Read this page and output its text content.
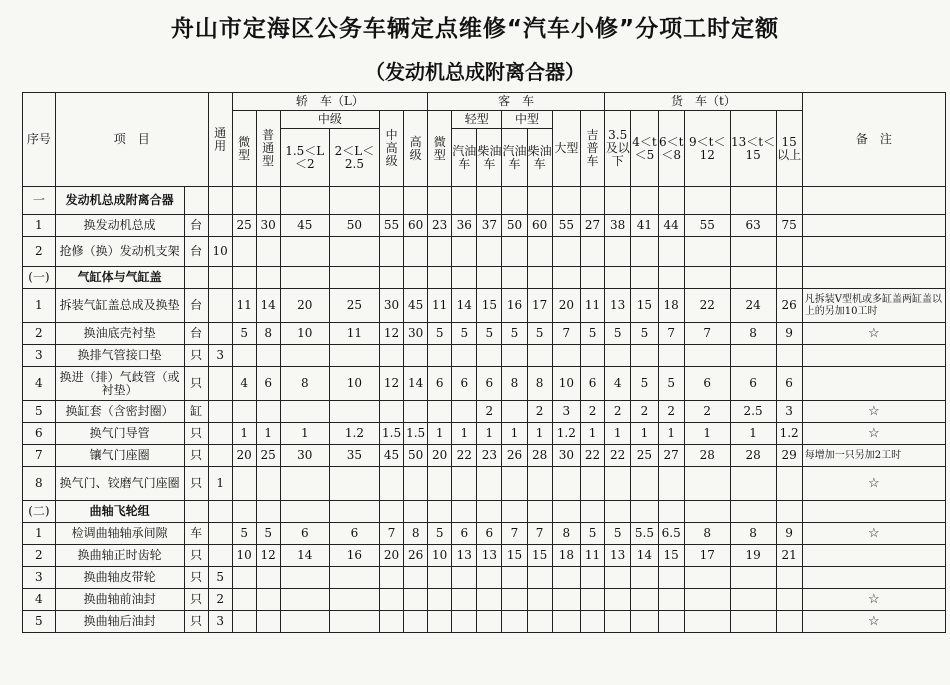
舟山市定海区公务车辆定点维修“汽车小修”分项工时定额
（发动机总成附离合器）
序号	项　目		通用	轿　车（L）						客　车							货　车（t）						备　注
				微型	普通型	中级		中高级	高级	微型	轻型		中型		大型	吉普车	3.5及以下	4＜t＜5	6＜t＜8	9＜t＜12	13＜t＜15	15以上	
						1.5＜L＜2	2＜L＜2.5				汽油车	柴油车	汽油车	柴油车									

一	发动机总成附离合器																						
1	换发动机总成	台		25	30	45	50	55	60	23	36	37	50	60	55	27	38	41	44	55	63	75	
2	抢修（换）发动机支架	台	10																				
(一)	气缸体与气缸盖																						
1	拆装气缸盖总成及换垫	台		11	14	20	25	30	45	11	14	15	16	17	20	11	13	15	18	22	24	26	凡拆装V型机或多缸盖两缸盖以上的另加10工时
2	换油底壳衬垫	台		5	8	10	11	12	30	5	5	5	5	5	7	5	5	5	7	7	8	9	☆
3	换排气管接口垫	只	3																				
4	换进（排）气歧管（或衬垫）	只		4	6	8	10	12	14	6	6	6	8	8	10	6	4	5	5	6	6	6	
5	换缸套（含密封圈）	缸										2		2	3	2	2	2	2	2	2.5	3	☆
6	换气门导管	只		1	1	1	1.2	1.5	1.5	1	1	1	1	1	1.2	1	1	1	1	1	1	1.2	☆
7	镶气门座圈	只		20	25	30	35	45	50	20	22	23	26	28	30	22	22	25	27	28	28	29	每增加一只另加2工时
8	换气门、铰磨气门座圈	只	1																				☆
(二)	曲轴飞轮组																						
1	检调曲轴轴承间隙	车		5	5	6	6	7	8	5	6	6	7	7	8	5	5	5.5	6.5	8	8	9	☆
2	换曲轴正时齿轮	只		10	12	14	16	20	26	10	13	13	15	15	18	11	13	14	15	17	19	21	
3	换曲轴皮带轮	只	5																				
4	换曲轴前油封	只	2																				☆
5	换曲轴后油封	只	3																				☆
